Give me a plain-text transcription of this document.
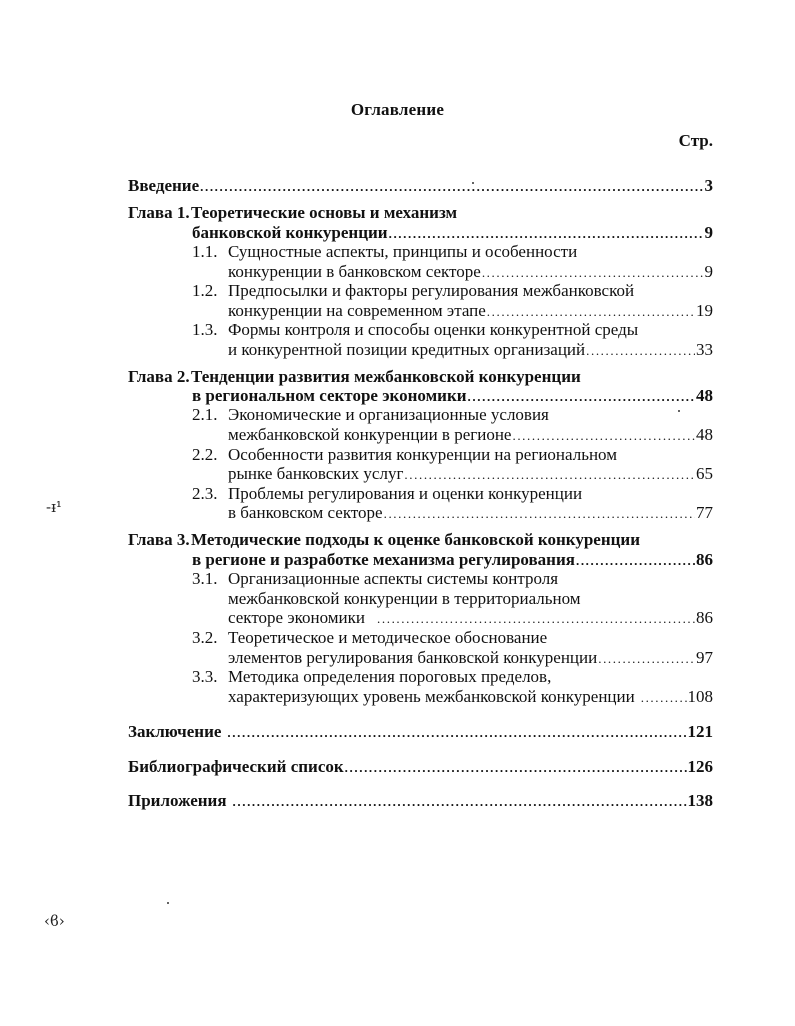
Оглавление
Стр.
Введение .....	3
Глава 1.Теоретические основы и механизм
банковской конкуренции .....	9
1.1. Сущностные аспекты, принципы и особенности
конкуренции в банковском секторе .....	9
1.2. Предпосылки и факторы регулирования межбанковской
конкуренции на современном этапе .....	19
1.3. Формы контроля и способы оценки конкурентной среды
и конкурентной позиции кредитных организаций .....	33
Глава 2.Тенденции развития межбанковской конкуренции
в региональном секторе экономики .....	48
2.1. Экономические и организационные условия
межбанковской конкуренции в регионе .....	48
2.2. Особенности развития конкуренции на региональном
рынке банковских услуг .....	65
2.3. Проблемы регулирования и оценки конкуренции
в банковском секторе .....	77
Глава 3.Методические подходы к оценке банковской конкуренции
в регионе и разработке механизма регулирования .....	86
3.1. Организационные аспекты системы контроля
межбанковской конкуренции в территориальном
секторе экономики .....	86
3.2. Теоретическое и методическое обоснование
элементов регулирования банковской конкуренции .....	97
3.3. Методика определения пороговых пределов,
характеризующих уровень межбанковской конкуренции .....	108
Заключение .....	121
Библиографический список .....	126
Приложения .....	138
-ᵻ¹
‹ϐ›
